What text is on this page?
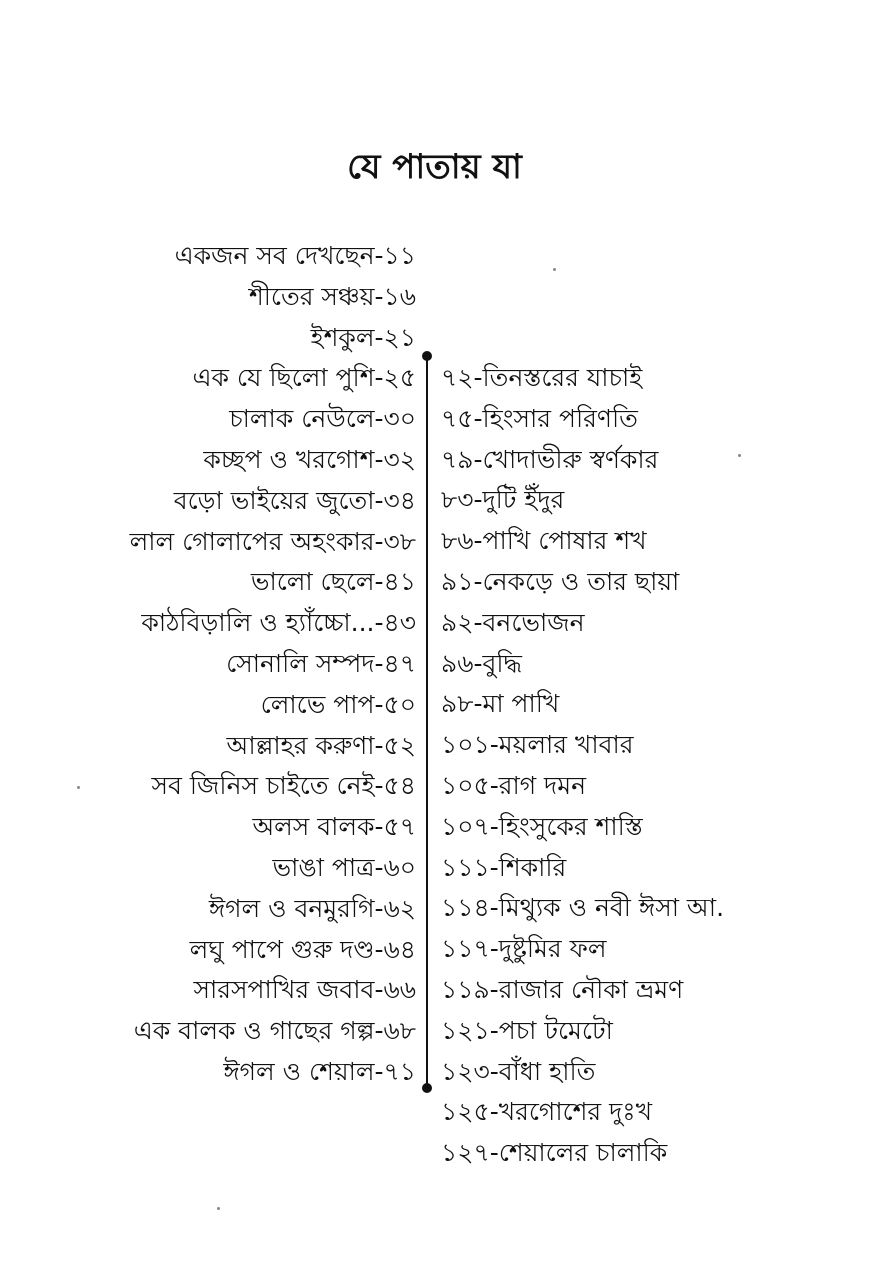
যে পাতায় যা
একজন সব দেখছেন-১১
শীতের সঞ্চয়-১৬
ইশকুল-২১
এক যে ছিলো পুশি-২৫
চালাক নেউলে-৩০
কচ্ছপ ও খরগোশ-৩২
বড়ো ভাইয়ের জুতো-৩৪
লাল গোলাপের অহংকার-৩৮
ভালো ছেলে-৪১
কাঠবিড়ালি ও হ্যাঁচ্চো...-৪৩
সোনালি সম্পদ-৪৭
লোভে পাপ-৫০
আল্লাহর করুণা-৫২
সব জিনিস চাইতে নেই-৫৪
অলস বালক-৫৭
ভাঙা পাত্র-৬০
ঈগল ও বনমুরগি-৬২
লঘু পাপে গুরু দণ্ড-৬৪
সারসপাখির জবাব-৬৬
এক বালক ও গাছের গল্প-৬৮
ঈগল ও শেয়াল-৭১
৭২-তিনস্তরের যাচাই
৭৫-হিংসার পরিণতি
৭৯-খোদাভীরু স্বর্ণকার
৮৩-দুটি ইঁদুর
৮৬-পাখি পোষার শখ
৯১-নেকড়ে ও তার ছায়া
৯২-বনভোজন
৯৬-বুদ্ধি
৯৮-মা পাখি
১০১-ময়লার খাবার
১০৫-রাগ দমন
১০৭-হিংসুকের শাস্তি
১১১-শিকারি
১১৪-মিথ্যুক ও নবী ঈসা আ.
১১৭-দুষ্টুমির ফল
১১৯-রাজার নৌকা ভ্রমণ
১২১-পচা টমেটো
১২৩-বাঁধা হাতি
১২৫-খরগোশের দুঃখ
১২৭-শেয়ালের চালাকি
